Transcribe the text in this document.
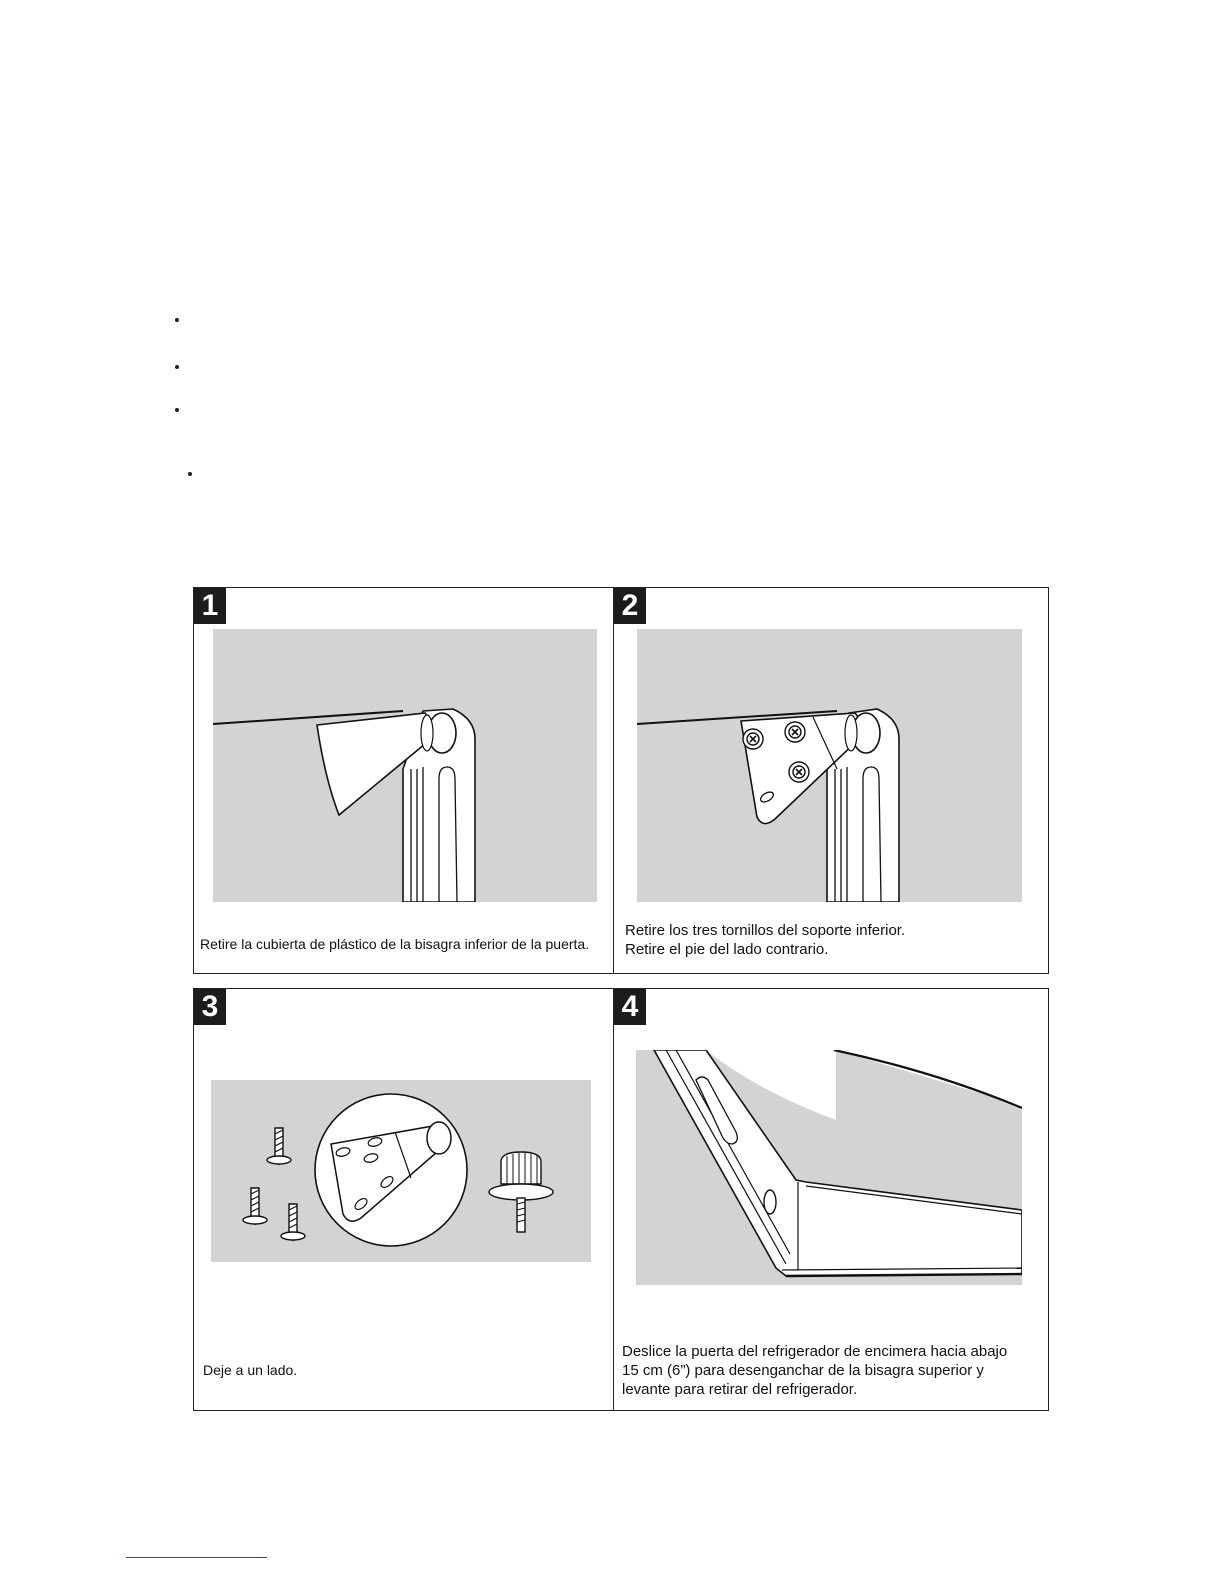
1
Retire la cubierta de plástico de la bisagra inferior de la puerta.
2
Retire los tres tornillos del soporte inferior.
Retire el pie del lado contrario.
3
Deje a un lado.
4
Deslice la puerta del refrigerador de encimera hacia abajo
15 cm (6”) para desenganchar de la bisagra superior y
levante para retirar del refrigerador.
